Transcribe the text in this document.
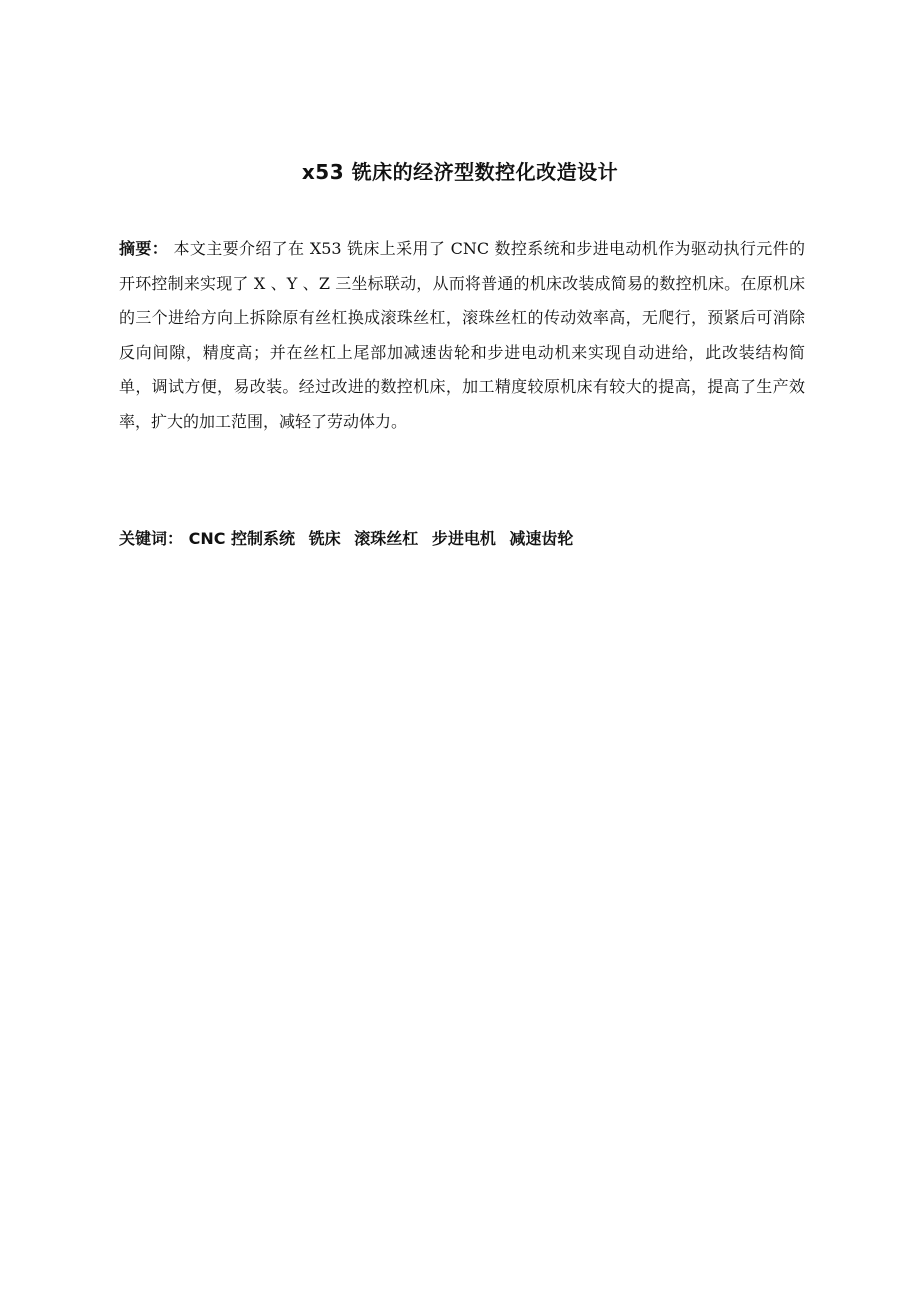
x53 铣床的经济型数控化改造设计
摘要： 本文主要介绍了在 X53 铣床上采用了 CNC 数控系统和步进电动机作为驱动执行元件的开环控制来实现了 X 、Y 、Z 三坐标联动，从而将普通的机床改装成简易的数控机床。在原机床的三个进给方向上拆除原有丝杠换成滚珠丝杠，滚珠丝杠的传动效率高，无爬行，预紧后可消除反向间隙，精度高；并在丝杠上尾部加减速齿轮和步进电动机来实现自动进给，此改装结构简单，调试方便，易改装。经过改进的数控机床，加工精度较原机床有较大的提高，提高了生产效率，扩大的加工范围，减轻了劳动体力。
关键词： CNC 控制系统 铣床 滚珠丝杠 步进电机 减速齿轮
